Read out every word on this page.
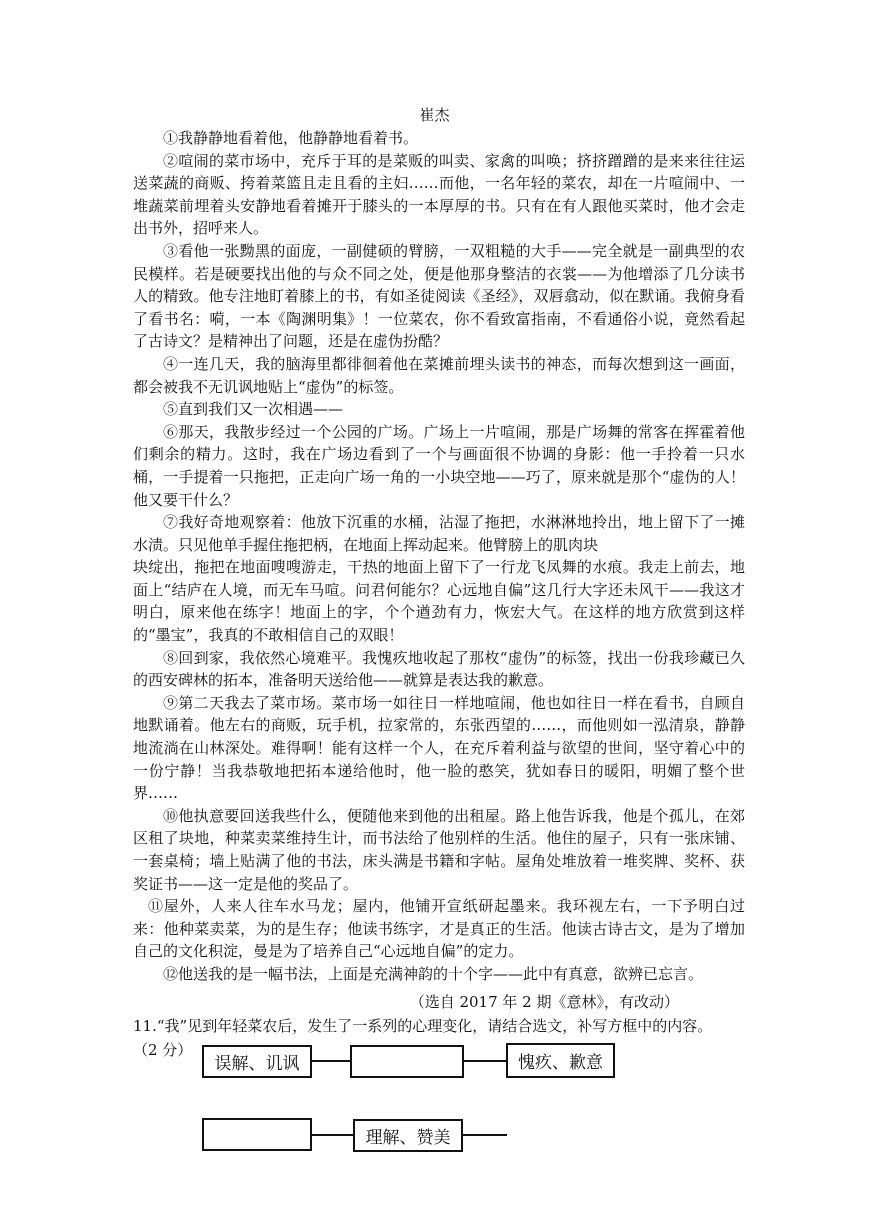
崔杰

①我静静地看着他，他静静地看着书。

②喧闹的菜市场中，充斥于耳的是菜贩的叫卖、家禽的叫唤；挤挤蹭蹭的是来来往往运送菜蔬的商贩、挎着菜篮且走且看的主妇……而他，一名年轻的菜农，却在一片喧闹中、一堆蔬菜前埋着头安静地看着摊开于膝头的一本厚厚的书。只有在有人跟他买菜时，他才会走出书外，招呼来人。

③看他一张黝黑的面庞，一副健硕的臂膀，一双粗糙的大手——完全就是一副典型的农民模样。若是硬要找出他的与众不同之处，便是他那身整洁的衣裳——为他增添了几分读书人的精致。他专注地盯着膝上的书，有如圣徒阅读《圣经》，双唇翕动，似在默诵。我俯身看了看书名：嗬，一本《陶渊明集》！一位菜农，你不看致富指南，不看通俗小说，竟然看起了古诗文？是精神出了问题，还是在虚伪扮酷？

④一连几天，我的脑海里都徘徊着他在菜摊前埋头读书的神态，而每次想到这一画面，都会被我不无讥讽地贴上“虚伪”的标签。

⑤直到我们又一次相遇——

⑥那天，我散步经过一个公园的广场。广场上一片喧闹，那是广场舞的常客在挥霍着他们剩余的精力。这时，我在广场边看到了一个与画面很不协调的身影：他一手拎着一只水桶，一手提着一只拖把，正走向广场一角的一小块空地——巧了，原来就是那个“虚伪的人！他又要干什么？

⑦我好奇地观察着：他放下沉重的水桶，沾湿了拖把，水淋淋地拎出，地上留下了一摊水渍。只见他单手握住拖把柄，在地面上挥动起来。他臂膀上的肌肉块

块绽出，拖把在地面嗖嗖游走，干热的地面上留下了一行龙飞凤舞的水痕。我走上前去，地面上“结庐在人境，而无车马喧。问君何能尔？心远地自偏”这几行大字还未风干——我这才明白，原来他在练字！地面上的字，个个遒劲有力，恢宏大气。在这样的地方欣赏到这样的“墨宝”，我真的不敢相信自己的双眼！

⑧回到家，我依然心境难平。我愧疚地收起了那枚“虚伪”的标签，找出一份我珍藏已久的西安碑林的拓本，准备明天送给他——就算是表达我的歉意。

⑨第二天我去了菜市场。菜市场一如往日一样地喧闹，他也如往日一样在看书，自顾自地默诵着。他左右的商贩，玩手机，拉家常的，东张西望的……，而他则如一泓清泉，静静地流淌在山林深处。难得啊！能有这样一个人，在充斥着利益与欲望的世间，坚守着心中的一份宁静！当我恭敬地把拓本递给他时，他一脸的憨笑，犹如春日的暖阳，明媚了整个世界……

⑩他执意要回送我些什么，便随他来到他的出租屋。路上他告诉我，他是个孤儿，在郊区租了块地，种菜卖菜维持生计，而书法给了他别样的生活。他住的屋子，只有一张床铺、一套桌椅；墙上贴满了他的书法，床头满是书籍和字帖。屋角处堆放着一堆奖牌、奖杯、获奖证书——这一定是他的奖品了。

⑪屋外，人来人往车水马龙；屋内，他铺开宣纸研起墨来。我环视左右，一下予明白过来：他种菜卖菜，为的是生存；他读书练字，才是真正的生活。他读古诗古文，是为了增加自己的文化积淀，曼是为了培养自己“心远地自偏”的定力。

⑫他送我的是一幅书法，上面是充满神韵的十个字——此中有真意，欲辨已忘言。

（选自 2017 年 2 期《意林》，有改动）
11.“我”见到年轻菜农后，发生了一系列的心理变化，请结合选文，补写方框中的内容。
（2 分）
误解、讥讽	愧疚、歉意
理解、赞美
